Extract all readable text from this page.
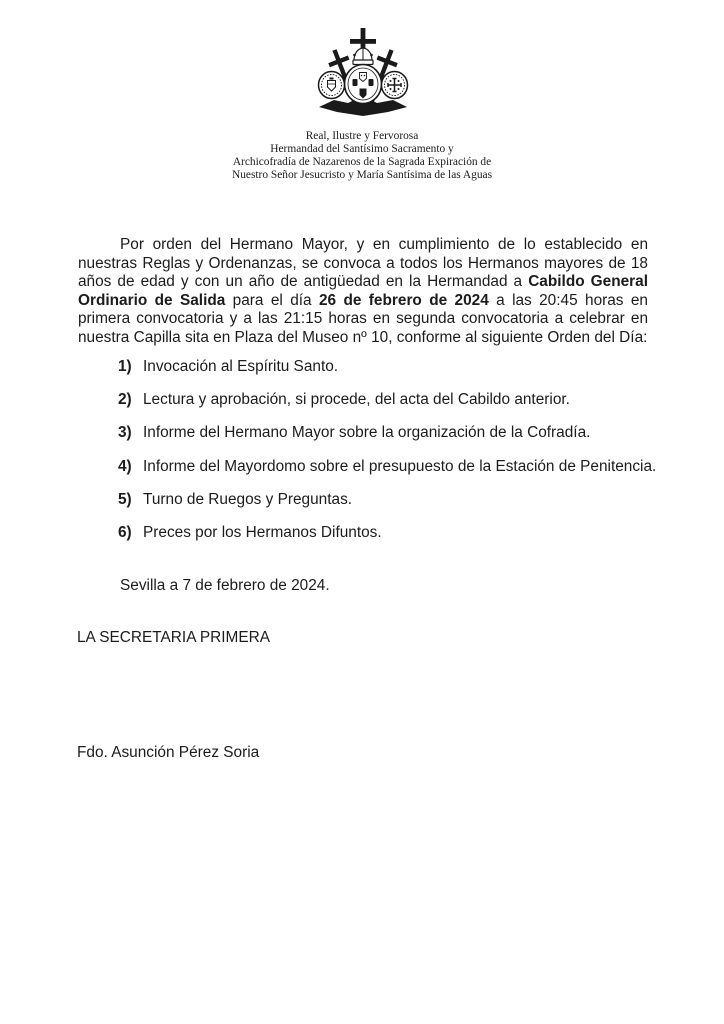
Real, Ilustre y Fervorosa
Hermandad del Santísimo Sacramento y
Archicofradía de Nazarenos de la Sagrada Expiración de
Nuestro Señor Jesucristo y María Santísima de las Aguas

Por orden del Hermano Mayor, y en cumplimiento de lo establecido en nuestras Reglas y Ordenanzas, se convoca a todos los Hermanos mayores de 18 años de edad y con un año de antigüedad en la Hermandad a Cabildo General Ordinario de Salida para el día 26 de febrero de 2024 a las 20:45 horas en primera convocatoria y a las 21:15 horas en segunda convocatoria a celebrar en nuestra Capilla sita en Plaza del Museo nº 10, conforme al siguiente Orden del Día:

1) Invocación al Espíritu Santo.
2) Lectura y aprobación, si procede, del acta del Cabildo anterior.
3) Informe del Hermano Mayor sobre la organización de la Cofradía.
4) Informe del Mayordomo sobre el presupuesto de la Estación de Penitencia.
5) Turno de Ruegos y Preguntas.
6) Preces por los Hermanos Difuntos.
Sevilla a 7 de febrero de 2024.
LA SECRETARIA PRIMERA
Fdo. Asunción Pérez Soria
